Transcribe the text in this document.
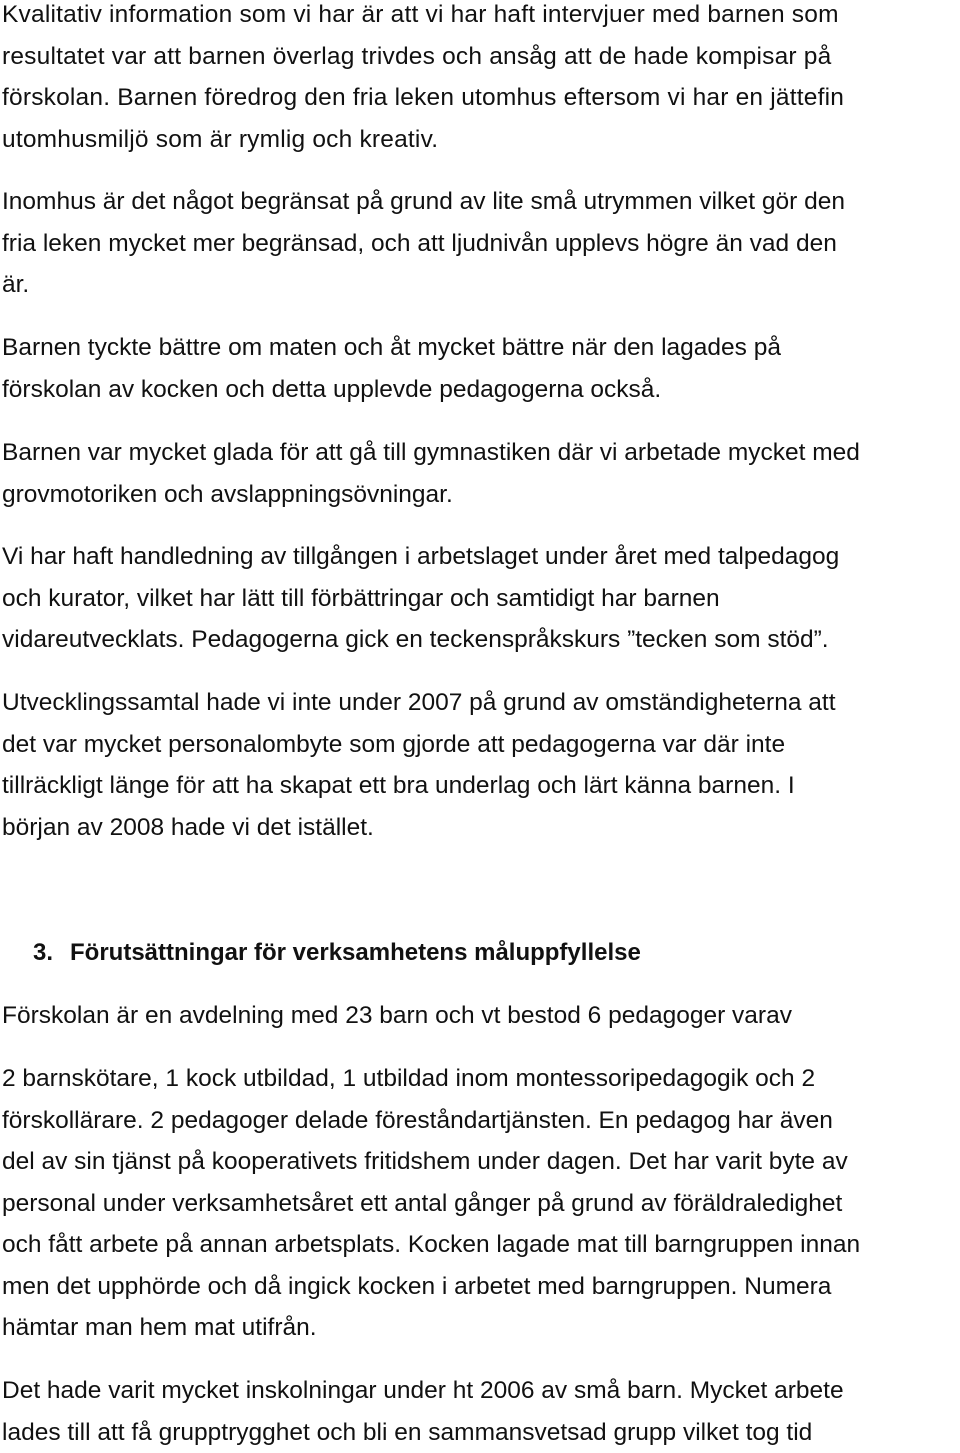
Kvalitativ information som vi har är att vi har haft intervjuer med barnen som
resultatet var att barnen överlag trivdes och ansåg att de hade kompisar på
förskolan. Barnen föredrog den fria leken utomhus eftersom vi har en jättefin
utomhusmiljö som är rymlig och kreativ.
Inomhus är det något begränsat på grund av lite små utrymmen vilket gör den
fria leken mycket mer begränsad, och att ljudnivån upplevs högre än vad den
är.
Barnen tyckte bättre om maten och åt mycket bättre när den lagades på
förskolan av kocken och detta upplevde pedagogerna också.
Barnen var mycket glada för att gå till gymnastiken där vi arbetade mycket med
grovmotoriken och avslappningsövningar.
Vi har haft handledning av tillgången i arbetslaget under året med talpedagog
och kurator, vilket har lätt till förbättringar och samtidigt har barnen
vidareutvecklats. Pedagogerna gick en teckenspråkskurs ”tecken som stöd”.
Utvecklingssamtal hade vi inte under 2007 på grund av omständigheterna att
det var mycket personalombyte som gjorde att pedagogerna var där inte
tillräckligt länge för att ha skapat ett bra underlag och lärt känna barnen. I
början av 2008 hade vi det istället.
3. Förutsättningar för verksamhetens måluppfyllelse
Förskolan är en avdelning med 23 barn och vt bestod 6 pedagoger varav
2 barnskötare, 1 kock utbildad, 1 utbildad inom montessoripedagogik och 2
förskollärare. 2 pedagoger delade föreståndartjänsten. En pedagog har även
del av sin tjänst på kooperativets fritidshem under dagen. Det har varit byte av
personal under verksamhetsåret ett antal gånger på grund av föräldraledighet
och fått arbete på annan arbetsplats. Kocken lagade mat till barngruppen innan
men det upphörde och då ingick kocken i arbetet med barngruppen. Numera
hämtar man hem mat utifrån.
Det hade varit mycket inskolningar under ht 2006 av små barn. Mycket arbete
lades till att få grupptrygghet och bli en sammansvetsad grupp vilket tog tid
